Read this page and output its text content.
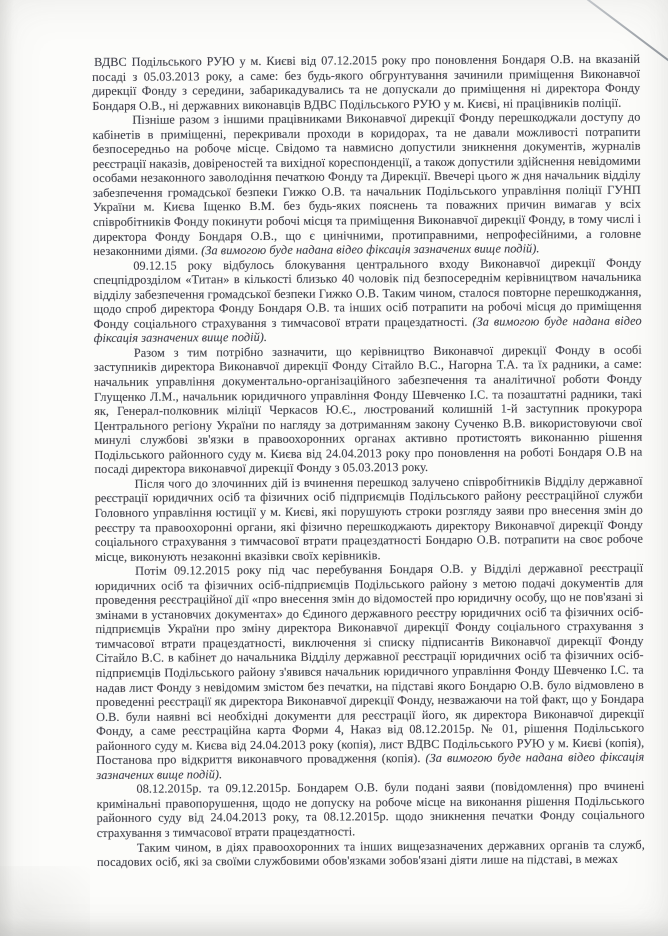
ВДВС Подільського РУЮ у м. Києві від 07.12.2015 року про поновлення Бондаря О.В. на вказаній посаді з 05.03.2013 року, а саме: без будь-якого обгрунтування зачинили приміщення Виконавчої дирекції Фонду з середини, забарикадувались та не допускали до приміщення ні директора Фонду Бондаря О.В., ні державних виконавців ВДВС Подільського РУЮ у м. Києві, ні працівників поліції.

Пізніше разом з іншими працівниками Виконавчої дирекції Фонду перешкоджали доступу до кабінетів в приміщенні, перекривали проходи в коридорах, та не давали можливості потрапити безпосередньо на робоче місце. Свідомо та навмисно допустили зникнення документів, журналів реєстрації наказів, довіреностей та вихідної кореспонденції, а також допустили здійснення невідомими особами незаконного заволодіння печаткою Фонду та Дирекції. Ввечері цього ж дня начальник відділу забезпечення громадської безпеки Гижко О.В. та начальник Подільського управління поліції ГУНП України м. Києва Іщенко В.М. без будь-яких пояснень та поважних причин вимагав у всіх співробітників Фонду покинути робочі місця та приміщення Виконавчої дирекції Фонду, в тому числі і директора Фонду Бондаря О.В., що є цинічними, протиправними, непрофесійними, а головне незаконними діями. (За вимогою буде надана відео фіксація зазначених вище подій).

09.12.15 року відбулось блокування центрального входу Виконавчої дирекції Фонду спецпідрозділом «Титан» в кількості близько 40 чоловік під безпосереднім керівництвом начальника відділу забезпечення громадської безпеки Гижко О.В. Таким чином, сталося повторне перешкоджання, щодо спроб директора Фонду Бондаря О.В. та інших осіб потрапити на робочі місця до приміщення Фонду соціального страхування з тимчасової втрати працездатності. (За вимогою буде надана відео фіксація зазначених вище подій).

Разом з тим потрібно зазначити, що керівництво Виконавчої дирекції Фонду в особі заступників директора Виконавчої дирекції Фонду Сітайло В.С., Нагорна Т.А. та їх радники, а саме: начальник управління документально-організаційного забезпечення та аналітичної роботи Фонду Глущенко Л.М., начальник юридичного управління Фонду Шевченко І.С. та позаштатні радники, такі як, Генерал-полковник міліції Черкасов Ю.Є., люстрований колишній 1-й заступник прокурора Центрального регіону України по нагляду за дотриманням закону Сученко В.В. використовуючи свої минулі службові зв'язки в правоохоронних органах активно протистоять виконанню рішення Подільського районного суду м. Києва від 24.04.2013 року про поновлення на роботі Бондаря О.В на посаді директора виконавчої дирекції Фонду з 05.03.2013 року.

Після чого до злочинних дій із вчинення перешкод залучено співробітників Відділу державної реєстрації юридичних осіб та фізичних осіб підприємців Подільського району реєстраційної служби Головного управління юстиції у м. Києві, які порушують строки розгляду заяви про внесення змін до реєстру та правоохоронні органи, які фізично перешкоджають директору Виконавчої дирекції Фонду соціального страхування з тимчасової втрати працездатності Бондарю О.В. потрапити на своє робоче місце, виконують незаконні вказівки своїх керівників.

Потім 09.12.2015 року під час перебування Бондаря О.В. у Відділі державної реєстрації юридичних осіб та фізичних осіб-підприємців Подільського району з метою подачі документів для проведення реєстраційної дії «про внесення змін до відомостей про юридичну особу, що не пов'язані зі змінами в установчих документах» до Єдиного державного реєстру юридичних осіб та фізичних осіб-підприємців України про зміну директора Виконавчої дирекції Фонду соціального страхування з тимчасової втрати працездатності, виключення зі списку підписантів Виконавчої дирекції Фонду Сітайло В.С. в кабінет до начальника Відділу державної реєстрації юридичних осіб та фізичних осіб-підприємців Подільського району з'явився начальник юридичного управління Фонду Шевченко І.С. та надав лист Фонду з невідомим змістом без печатки, на підставі якого Бондарю О.В. було відмовлено в проведенні реєстрації як директора Виконавчої дирекції Фонду, незважаючи на той факт, що у Бондара О.В. були наявні всі необхідні документи для реєстрації його, як директора Виконавчої дирекції Фонду, а саме реєстраційна карта Форми 4, Наказ від 08.12.2015р. № 01, рішення Подільського районного суду м. Києва від 24.04.2013 року (копія), лист ВДВС Подільського РУЮ у м. Києві (копія), Постанова про відкриття виконавчого провадження (копія). (За вимогою буде надана відео фіксація зазначених вище подій).

08.12.2015р. та 09.12.2015р. Бондарем О.В. були подані заяви (повідомлення) про вчинені кримінальні правопорушення, щодо не допуску на робоче місце на виконання рішення Подільського районного суду від 24.04.2013 року, та 08.12.2015р. щодо зникнення печатки Фонду соціального страхування з тимчасової втрати працездатності.

Таким чином, в діях правоохоронних та інших вищезазначених державних органів та служб, посадових осіб, які за своїми службовими обов'язками зобов'язані діяти лише на підставі, в межах
